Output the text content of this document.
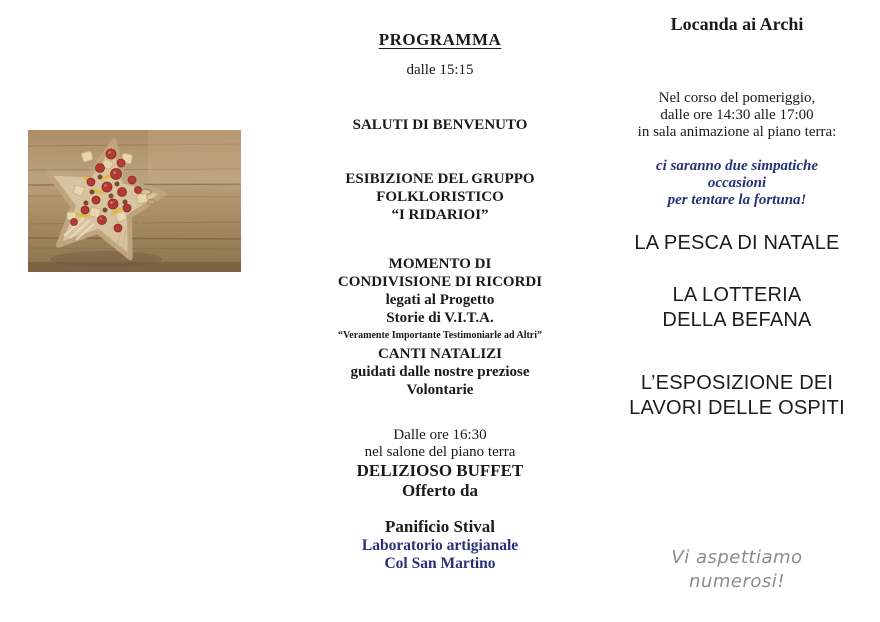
PROGRAMMA
dalle 15:15
SALUTI DI BENVENUTO
ESIBIZIONE DEL GRUPPO
FOLKLORISTICO
“I RIDARIOI”
MOMENTO DI
CONDIVISIONE DI RICORDI
legati al Progetto
Storie di V.I.T.A.
“Veramente Importante Testimoniarle ad Altri”
CANTI NATALIZI
guidati dalle nostre preziose
Volontarie
Dalle ore 16:30
nel salone del piano terra
DELIZIOSO BUFFET
Offerto da
Panificio Stival
Laboratorio artigianale
Col San Martino
Locanda ai Archi
Nel corso del pomeriggio,
dalle ore 14:30 alle 17:00
in sala animazione al piano terra:
ci saranno due simpatiche
occasioni
per tentare la fortuna!
LA PESCA DI NATALE
LA LOTTERIA
DELLA BEFANA
L’ESPOSIZIONE DEI
LAVORI DELLE OSPITI
Vi aspettiamo numerosi!
